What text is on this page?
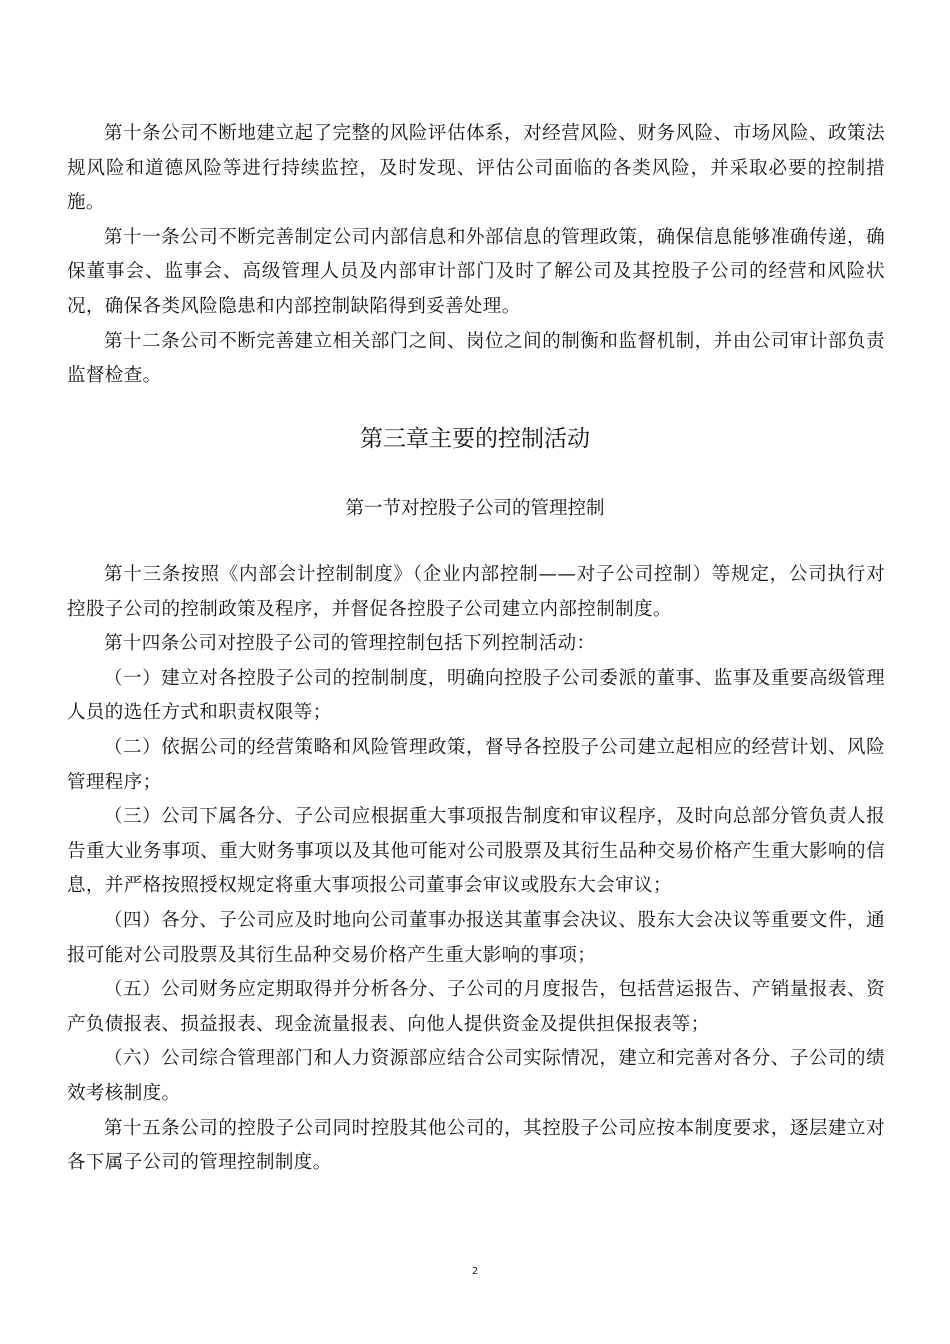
第十条公司不断地建立起了完整的风险评估体系，对经营风险、财务风险、市场风险、政策法规风险和道德风险等进行持续监控，及时发现、评估公司面临的各类风险，并采取必要的控制措施。

第十一条公司不断完善制定公司内部信息和外部信息的管理政策，确保信息能够准确传递，确保董事会、监事会、高级管理人员及内部审计部门及时了解公司及其控股子公司的经营和风险状况，确保各类风险隐患和内部控制缺陷得到妥善处理。

第十二条公司不断完善建立相关部门之间、岗位之间的制衡和监督机制，并由公司审计部负责监督检查。

第三章主要的控制活动
第一节对控股子公司的管理控制

第十三条按照《内部会计控制制度》（企业内部控制——对子公司控制）等规定，公司执行对控股子公司的控制政策及程序，并督促各控股子公司建立内部控制制度。

第十四条公司对控股子公司的管理控制包括下列控制活动：

（一）建立对各控股子公司的控制制度，明确向控股子公司委派的董事、监事及重要高级管理人员的选任方式和职责权限等；

（二）依据公司的经营策略和风险管理政策，督导各控股子公司建立起相应的经营计划、风险管理程序；

（三）公司下属各分、子公司应根据重大事项报告制度和审议程序，及时向总部分管负责人报告重大业务事项、重大财务事项以及其他可能对公司股票及其衍生品种交易价格产生重大影响的信息，并严格按照授权规定将重大事项报公司董事会审议或股东大会审议；

（四）各分、子公司应及时地向公司董事办报送其董事会决议、股东大会决议等重要文件，通报可能对公司股票及其衍生品种交易价格产生重大影响的事项；

（五）公司财务应定期取得并分析各分、子公司的月度报告，包括营运报告、产销量报表、资产负债报表、损益报表、现金流量报表、向他人提供资金及提供担保报表等；

（六）公司综合管理部门和人力资源部应结合公司实际情况，建立和完善对各分、子公司的绩效考核制度。

第十五条公司的控股子公司同时控股其他公司的，其控股子公司应按本制度要求，逐层建立对各下属子公司的管理控制制度。

2
